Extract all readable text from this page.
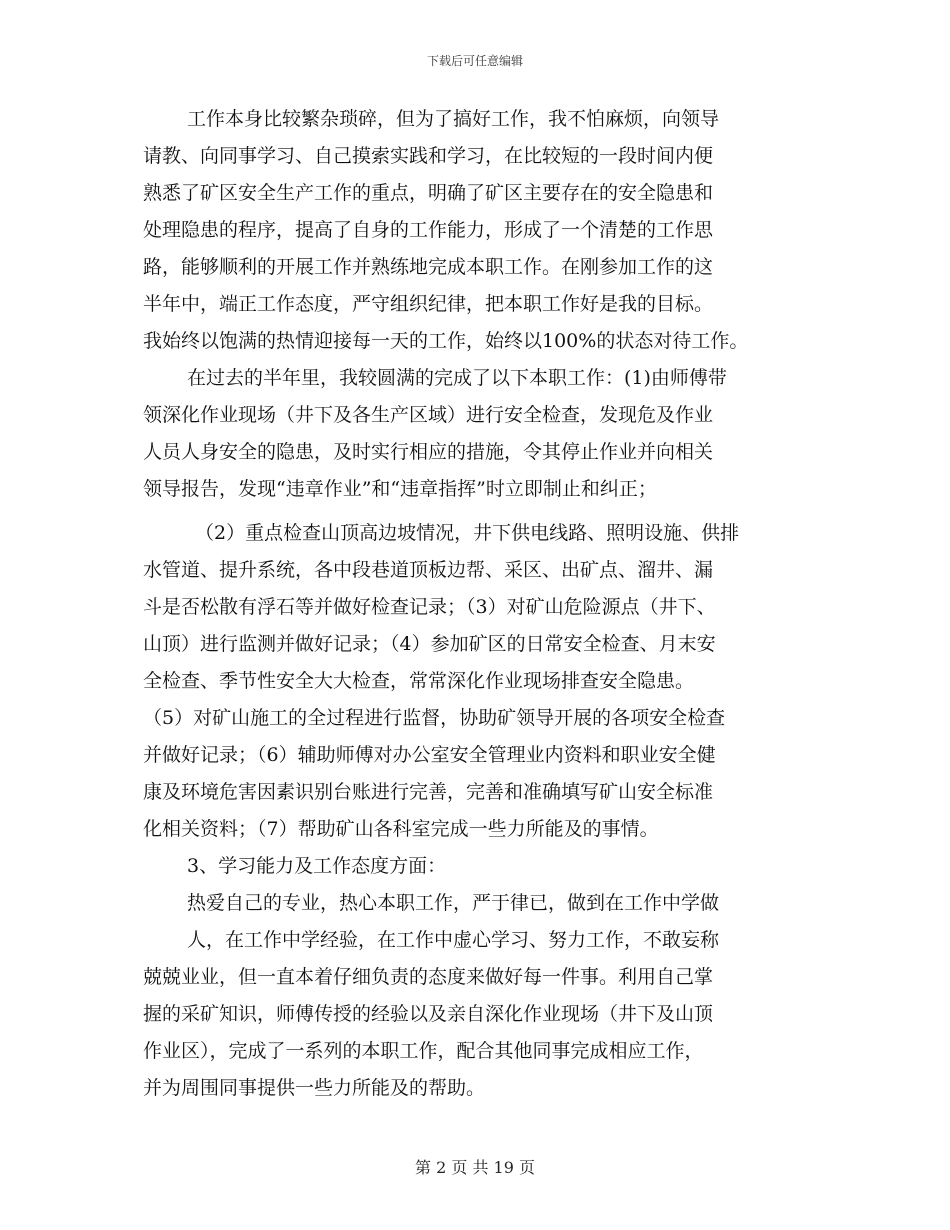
下载后可任意编辑
工作本身比较繁杂琐碎，但为了搞好工作，我不怕麻烦，向领导
请教、向同事学习、自己摸索实践和学习，在比较短的一段时间内便
熟悉了矿区安全生产工作的重点，明确了矿区主要存在的安全隐患和
处理隐患的程序，提高了自身的工作能力，形成了一个清楚的工作思
路，能够顺利的开展工作并熟练地完成本职工作。在刚参加工作的这
半年中，端正工作态度，严守组织纪律，把本职工作好是我的目标。
我始终以饱满的热情迎接每一天的工作，始终以100%的状态对待工作。
在过去的半年里，我较圆满的完成了以下本职工作：(1)由师傅带
领深化作业现场（井下及各生产区域）进行安全检查，发现危及作业
人员人身安全的隐患，及时实行相应的措施，令其停止作业并向相关
领导报告，发现“违章作业”和“违章指挥”时立即制止和纠正；
（2）重点检查山顶高边坡情况，井下供电线路、照明设施、供排
水管道、提升系统，各中段巷道顶板边帮、采区、出矿点、溜井、漏
斗是否松散有浮石等并做好检查记录；（3）对矿山危险源点（井下、
山顶）进行监测并做好记录；（4）参加矿区的日常安全检查、月末安
全检查、季节性安全大大检查，常常深化作业现场排查安全隐患。
（5）对矿山施工的全过程进行监督，协助矿领导开展的各项安全检查
并做好记录；（6）辅助师傅对办公室安全管理业内资料和职业安全健
康及环境危害因素识别台账进行完善，完善和准确填写矿山安全标准
化相关资料；（7）帮助矿山各科室完成一些力所能及的事情。
3、学习能力及工作态度方面：
热爱自己的专业，热心本职工作，严于律已，做到在工作中学做
人，在工作中学经验，在工作中虚心学习、努力工作，不敢妄称
兢兢业业，但一直本着仔细负责的态度来做好每一件事。利用自己掌
握的采矿知识，师傅传授的经验以及亲自深化作业现场（井下及山顶
作业区），完成了一系列的本职工作，配合其他同事完成相应工作，
并为周围同事提供一些力所能及的帮助。
第 2 页 共 19 页
